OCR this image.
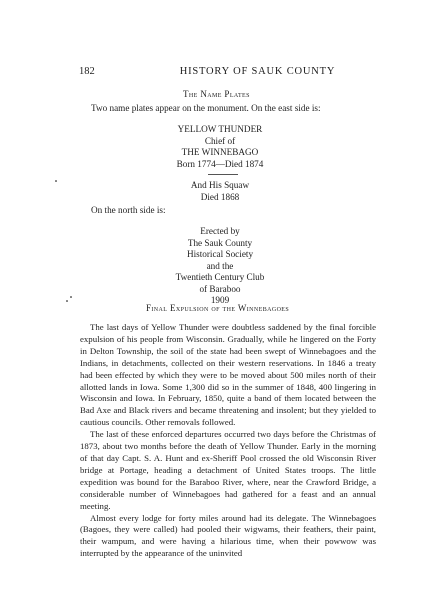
182	HISTORY OF SAUK COUNTY
The Name Plates
Two name plates appear on the monument. On the east side is:
YELLOW THUNDER
Chief of
THE WINNEBAGO
Born 1774—Died 1874
And His Squaw
Died 1868
On the north side is:
Erected by
The Sauk County
Historical Society
and the
Twentieth Century Club
of Baraboo
1909
Final Expulsion of the Winnebagoes

The last days of Yellow Thunder were doubtless saddened by the final forcible expulsion of his people from Wisconsin. Gradually, while he lingered on the Forty in Delton Township, the soil of the state had been swept of Winnebagoes and the Indians, in detachments, collected on their western reservations. In 1846 a treaty had been effected by which they were to be moved about 500 miles north of their allotted lands in Iowa. Some 1,300 did so in the summer of 1848, 400 lingering in Wisconsin and Iowa. In February, 1850, quite a band of them located between the Bad Axe and Black rivers and became threatening and insolent; but they yielded to cautious councils. Other removals followed.

The last of these enforced departures occurred two days before the Christmas of 1873, about two months before the death of Yellow Thunder. Early in the morning of that day Capt. S. A. Hunt and ex-Sheriff Pool crossed the old Wisconsin River bridge at Portage, heading a detachment of United States troops. The little expedition was bound for the Baraboo River, where, near the Crawford Bridge, a considerable number of Winnebagoes had gathered for a feast and an annual meeting.

Almost every lodge for forty miles around had its delegate. The Winnebagoes (Bagoes, they were called) had pooled their wigwams, their feathers, their paint, their wampum, and were having a hilarious time, when their powwow was interrupted by the appearance of the uninvited
